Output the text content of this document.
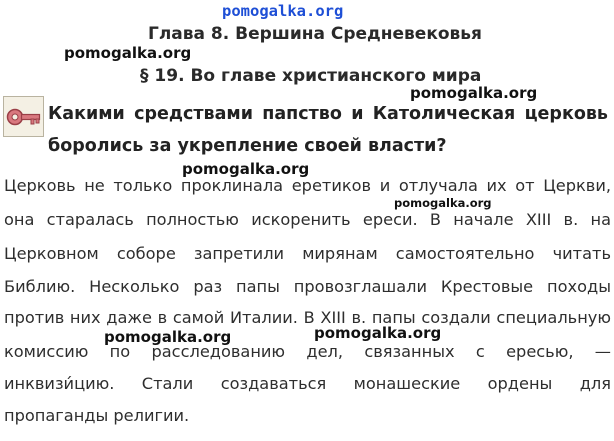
pomogalka.org
Глава 8. Вершина Средневековья
pomogalka.org
§ 19. Во главе христианского мира
pomogalka.org
Какими средствами папство и Католическая церковь
боролись за укрепление своей власти?
pomogalka.org
pomogalka.org
Церковь не только проклинала еретиков и отлучала их от Церкви,
она старалась полностью искоренить ереси. В начале XIII в. на
Церковном соборе запретили мирянам самостоятельно читать
Библию. Несколько раз папы провозглашали Крестовые походы
против них даже в самой Италии. В XIII в. папы создали специальную
pomogalka.org	pomogalka.org
комиссию по расследованию дел, связанных с ересью, —
инквизи́цию. Стали создаваться монашеские ордены для
пропаганды религии.
